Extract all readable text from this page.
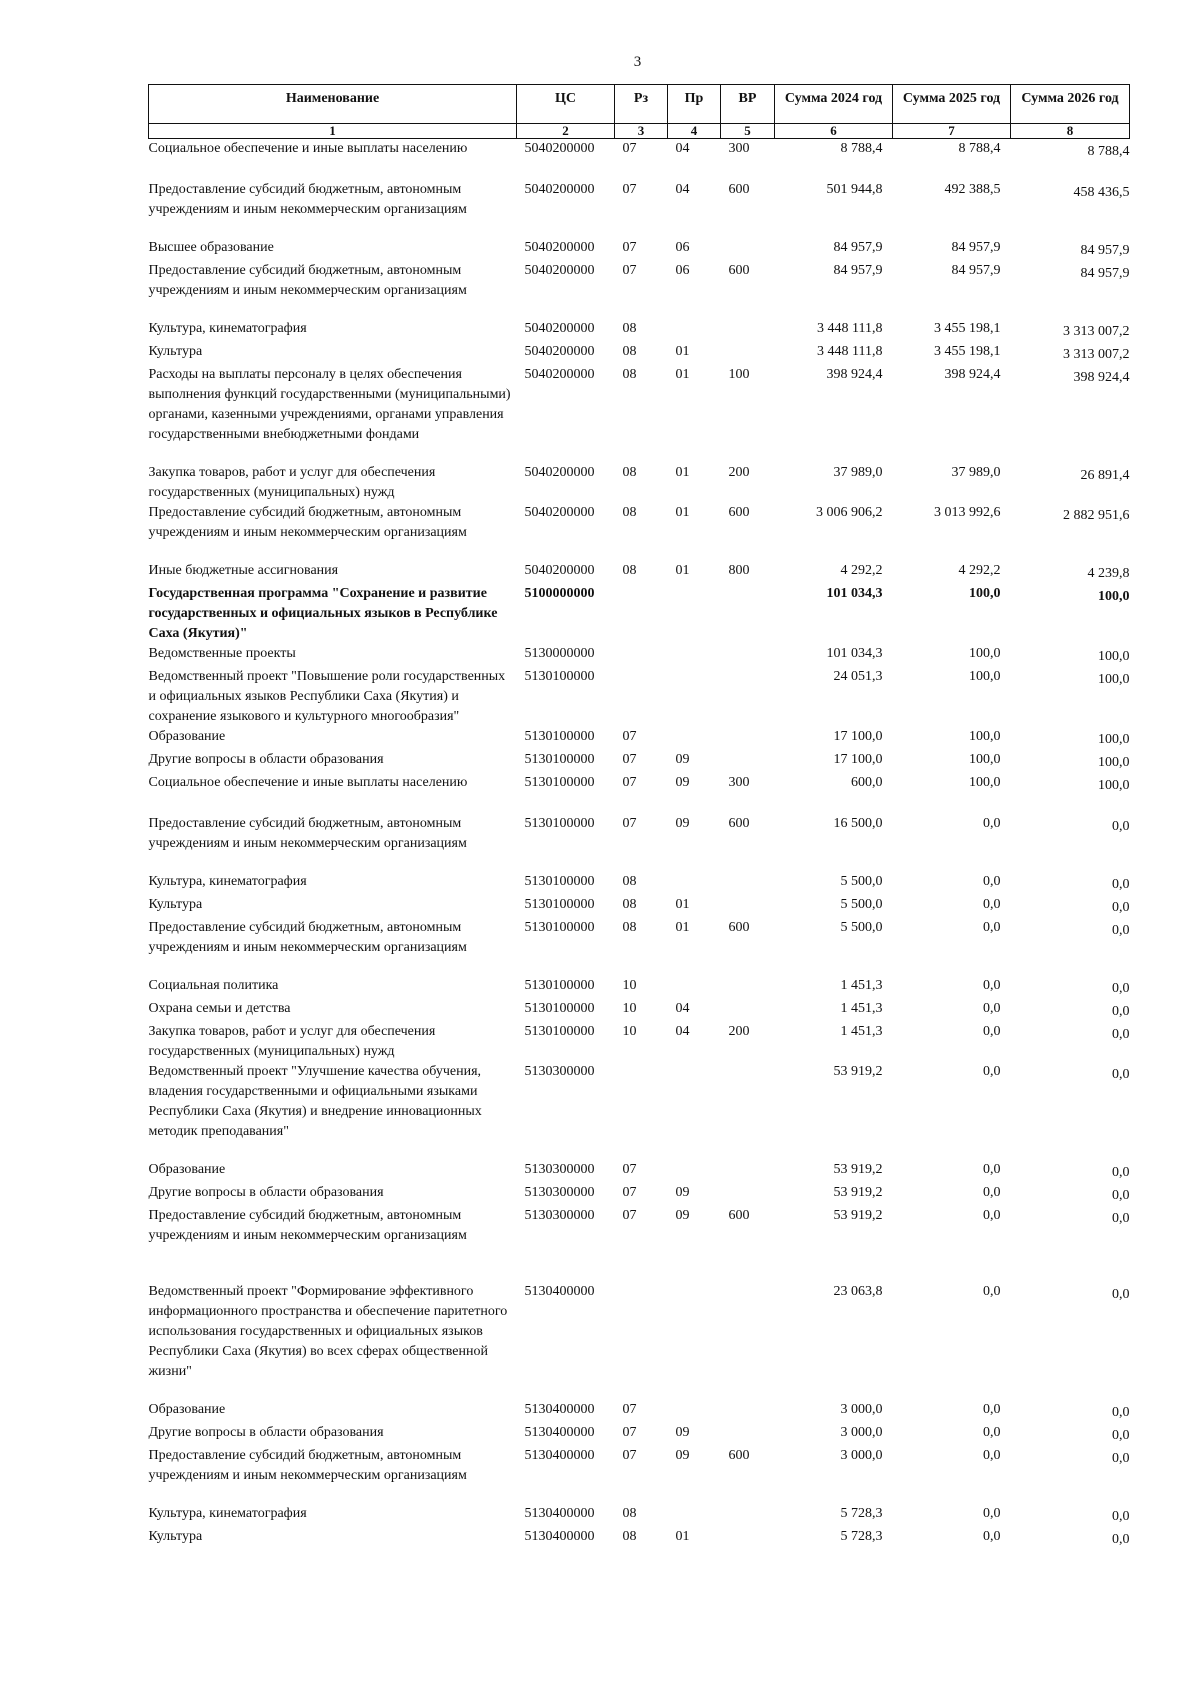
3
Наименование	ЦС	Рз	Пр	ВР	Сумма 2024 год	Сумма 2025 год	Сумма 2026 год
1	2	3	4	5	6	7	8
Социальное обеспечение и иные выплаты населению	5040200000	07	04	300	8 788,4	8 788,4	8 788,4
Предоставление субсидий бюджетным, автономным учреждениям и иным некоммерческим организациям	5040200000	07	04	600	501 944,8	492 388,5	458 436,5
Высшее образование	5040200000	07	06		84 957,9	84 957,9	84 957,9
Предоставление субсидий бюджетным, автономным учреждениям и иным некоммерческим организациям	5040200000	07	06	600	84 957,9	84 957,9	84 957,9
Культура, кинематография	5040200000	08			3 448 111,8	3 455 198,1	3 313 007,2
Культура	5040200000	08	01		3 448 111,8	3 455 198,1	3 313 007,2
Расходы на выплаты персоналу в целях обеспечения выполнения функций государственными (муниципальными) органами, казенными учреждениями, органами управления государственными внебюджетными фондами	5040200000	08	01	100	398 924,4	398 924,4	398 924,4
Закупка товаров, работ и услуг для обеспечения государственных (муниципальных) нужд	5040200000	08	01	200	37 989,0	37 989,0	26 891,4
Предоставление субсидий бюджетным, автономным учреждениям и иным некоммерческим организациям	5040200000	08	01	600	3 006 906,2	3 013 992,6	2 882 951,6
Иные бюджетные ассигнования	5040200000	08	01	800	4 292,2	4 292,2	4 239,8
Государственная программа "Сохранение и развитие государственных и официальных языков в Республике Саха (Якутия)"	5100000000				101 034,3	100,0	100,0
Ведомственные проекты	5130000000				101 034,3	100,0	100,0
Ведомственный проект "Повышение роли государственных и официальных языков Республики Саха (Якутия) и сохранение языкового и культурного многообразия"	5130100000				24 051,3	100,0	100,0
Образование	5130100000	07			17 100,0	100,0	100,0
Другие вопросы в области образования	5130100000	07	09		17 100,0	100,0	100,0
Социальное обеспечение и иные выплаты населению	5130100000	07	09	300	600,0	100,0	100,0
Предоставление субсидий бюджетным, автономным учреждениям и иным некоммерческим организациям	5130100000	07	09	600	16 500,0	0,0	0,0
Культура, кинематография	5130100000	08			5 500,0	0,0	0,0
Культура	5130100000	08	01		5 500,0	0,0	0,0
Предоставление субсидий бюджетным, автономным учреждениям и иным некоммерческим организациям	5130100000	08	01	600	5 500,0	0,0	0,0
Социальная политика	5130100000	10			1 451,3	0,0	0,0
Охрана семьи и детства	5130100000	10	04		1 451,3	0,0	0,0
Закупка товаров, работ и услуг для обеспечения государственных (муниципальных) нужд	5130100000	10	04	200	1 451,3	0,0	0,0
Ведомственный проект "Улучшение качества обучения, владения государственными и официальными языками Республики Саха (Якутия) и внедрение инновационных методик преподавания"	5130300000				53 919,2	0,0	0,0
Образование	5130300000	07			53 919,2	0,0	0,0
Другие вопросы в области образования	5130300000	07	09		53 919,2	0,0	0,0
Предоставление субсидий бюджетным, автономным учреждениям и иным некоммерческим организациям	5130300000	07	09	600	53 919,2	0,0	0,0
Ведомственный проект "Формирование эффективного информационного пространства и обеспечение паритетного использования государственных и официальных языков Республики Саха (Якутия) во всех сферах общественной жизни"	5130400000				23 063,8	0,0	0,0
Образование	5130400000	07			3 000,0	0,0	0,0
Другие вопросы в области образования	5130400000	07	09		3 000,0	0,0	0,0
Предоставление субсидий бюджетным, автономным учреждениям и иным некоммерческим организациям	5130400000	07	09	600	3 000,0	0,0	0,0
Культура, кинематография	5130400000	08			5 728,3	0,0	0,0
Культура	5130400000	08	01		5 728,3	0,0	0,0
